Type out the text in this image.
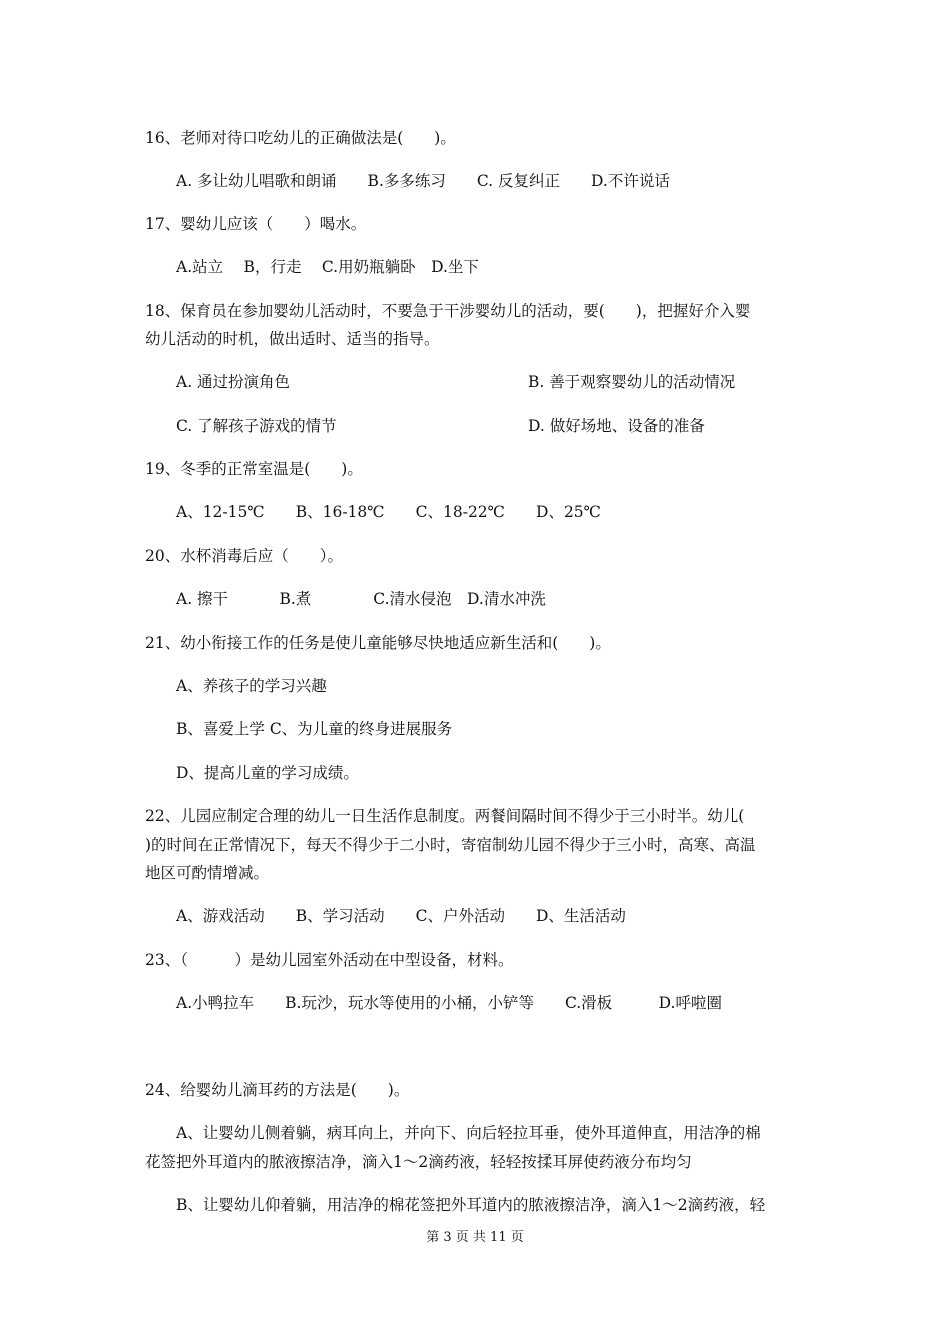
16、老师对待口吃幼儿的正确做法是(　　)。
A. 多让幼儿唱歌和朗诵　　B.多多练习　　C. 反复纠正　　D.不许说话
17、婴幼儿应该（　　）喝水。
A.站立　 B，行走　 C.用奶瓶躺卧　D.坐下
18、保育员在参加婴幼儿活动时，不要急于干涉婴幼儿的活动，要(　　)，把握好介入婴
幼儿活动的时机，做出适时、适当的指导。
A. 通过扮演角色	B. 善于观察婴幼儿的活动情况
C. 了解孩子游戏的情节	D. 做好场地、设备的准备
19、冬季的正常室温是(　　)。
A、12-15℃　　B、16-18℃　　C、18-22℃　　D、25℃
20、水杯消毒后应（　　）。
A. 擦干　　　 B.煮　　　　C.清水侵泡　D.清水冲洗
21、幼小衔接工作的任务是使儿童能够尽快地适应新生活和(　　)。
A、养孩子的学习兴趣
B、喜爱上学 C、为儿童的终身进展服务
D、提高儿童的学习成绩。
22、儿园应制定合理的幼儿一日生活作息制度。两餐间隔时间不得少于三小时半。幼儿(
)的时间在正常情况下，每天不得少于二小时，寄宿制幼儿园不得少于三小时，高寒、高温
地区可酌情增减。
A、游戏活动　　B、学习活动　　C、户外活动　　D、生活活动
23、（　　　）是幼儿园室外活动在中型设备，材料。
A.小鸭拉车　　B.玩沙，玩水等使用的小桶，小铲等　　C.滑板　　　D.呼啦圈
24、给婴幼儿滴耳药的方法是(　　)。
A、让婴幼儿侧着躺，病耳向上，并向下、向后轻拉耳垂，使外耳道伸直，用洁净的棉
花签把外耳道内的脓液擦洁净，滴入1～2滴药液，轻轻按揉耳屏使药液分布均匀
B、让婴幼儿仰着躺，用洁净的棉花签把外耳道内的脓液擦洁净，滴入1～2滴药液，轻
第 3 页 共 11 页
